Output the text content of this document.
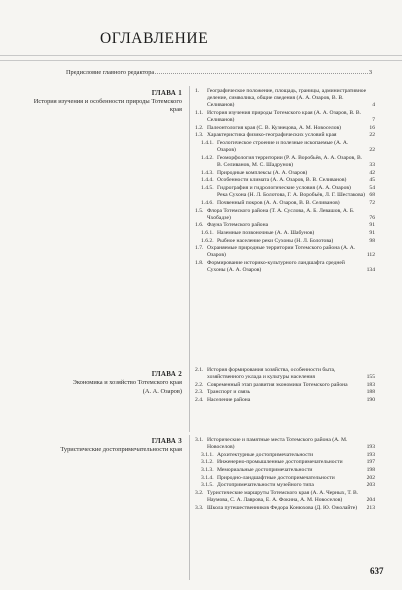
ОГЛАВЛЕНИЕ
Предисловие главного редактора	3
ГЛАВА 1
История изучения и особенности природы Тотемского края
1.	Географическое положение, площадь, границы, административное деление, символика, общие сведения (А. А. Озаров, В. В. Селиванов)	4
1.1. История изучения природы Тотемского края (А. А. Озаров, В. В. Селиванов)	7
1.2. Палеонтология края (С. В. Кузнецова, А. М. Новоселов)	16
1.3. Характеристика физико-географических условий края	22
1.4.1. Геологическое строение и полезные ископаемые (А. А. Озаров)	22
1.4.2. Геоморфология территории (Р. А. Воробьёв, А. А. Озаров, В. В. Селиванов, М. С. Шадрунов)	33
1.4.3. Природные комплексы (А. А. Озаров)	42
1.4.4. Особенности климата (А. А. Озаров, В. В. Селиванов)	45
1.4.5. Гидрография и гидрологические условия (А. А. Озаров)	54
Река Сухона (Н. Л. Болотова, Г. А. Воробьёв, Л. Г. Шестакова) 68
1.4.6. Почвенный покров (А. А. Озаров, В. В. Селиванов)	72
1.5. Флора Тотемского района (Т. А. Суслова, А. Б. Левашов, А. Б. Чхобадзе)	76
1.6. Фауна Тотемского района	91
1.6.1. Наземные позвоночные (А. А. Шабунов)	91
1.6.2. Рыбное население реки Сухоны (Н. Л. Болотова)	98
1.7. Охраняемые природные территории Тотемского района (А. А. Озаров)	112
1.8. Формирование историко-культурного ландшафта средней Сухоны (А. А. Озаров)	134
ГЛАВА 2
Экономика и хозяйство Тотемского края
(А. А. Озаров)
2.1. История формирования хозяйства, особенности быта, хозяйственного уклада и культуры населения	155
2.2. Современный этап развития экономики Тотемского района	183
2.3. Транспорт и связь	188
2.4. Население района	190
ГЛАВА 3
Туристические достопримечательности края
3.1. Исторические и памятные места Тотемского района (А. М. Новоселов)	193
3.1.1. Архитектурные достопримечательности	193
3.1.2. Инженерно-промышленные достопримечательности	197
3.1.3. Мемориальные достопримечательности	198
3.1.4. Природно-ландшафтные достопримечательности	202
3.1.5. Достопримечательности музейного типа	203
3.2. Туристические маршруты Тотемского края (А. А. Черных, Т. В. Наумова, С. А. Лаврова, Е. А. Фокина, А. М. Новоселов)	204
3.3. Школа путешественников Федора Конюхова (Д. Ю. Ожолайте)	213
637
